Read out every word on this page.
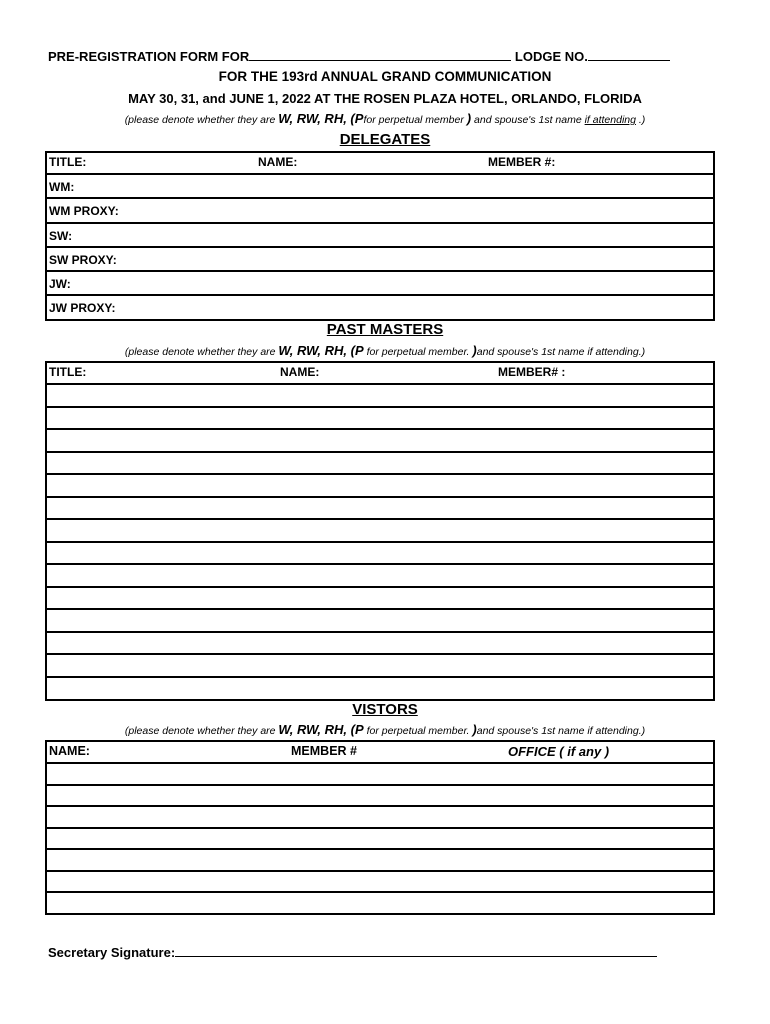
PRE-REGISTRATION FORM FOR	LODGE NO.
FOR THE 193rd ANNUAL GRAND COMMUNICATION
MAY 30, 31, and JUNE 1, 2022 AT THE ROSEN PLAZA HOTEL, ORLANDO, FLORIDA
(please denote whether they are W, RW, RH, (Pfor perpetual member ) and spouse's 1st name if attending .)
DELEGATES
TITLE:	NAME:	MEMBER #:
WM:
WM PROXY:
SW:
SW PROXY:
JW:
JW PROXY:
PAST MASTERS
(please denote whether they are W, RW, RH, (P for perpetual member. )and spouse's 1st name if attending.)
TITLE:	NAME:	MEMBER# :
VISTORS
(please denote whether they are W, RW, RH, (P for perpetual member. )and spouse's 1st name if attending.)
NAME:	MEMBER #	OFFICE ( if any )
Secretary Signature:
